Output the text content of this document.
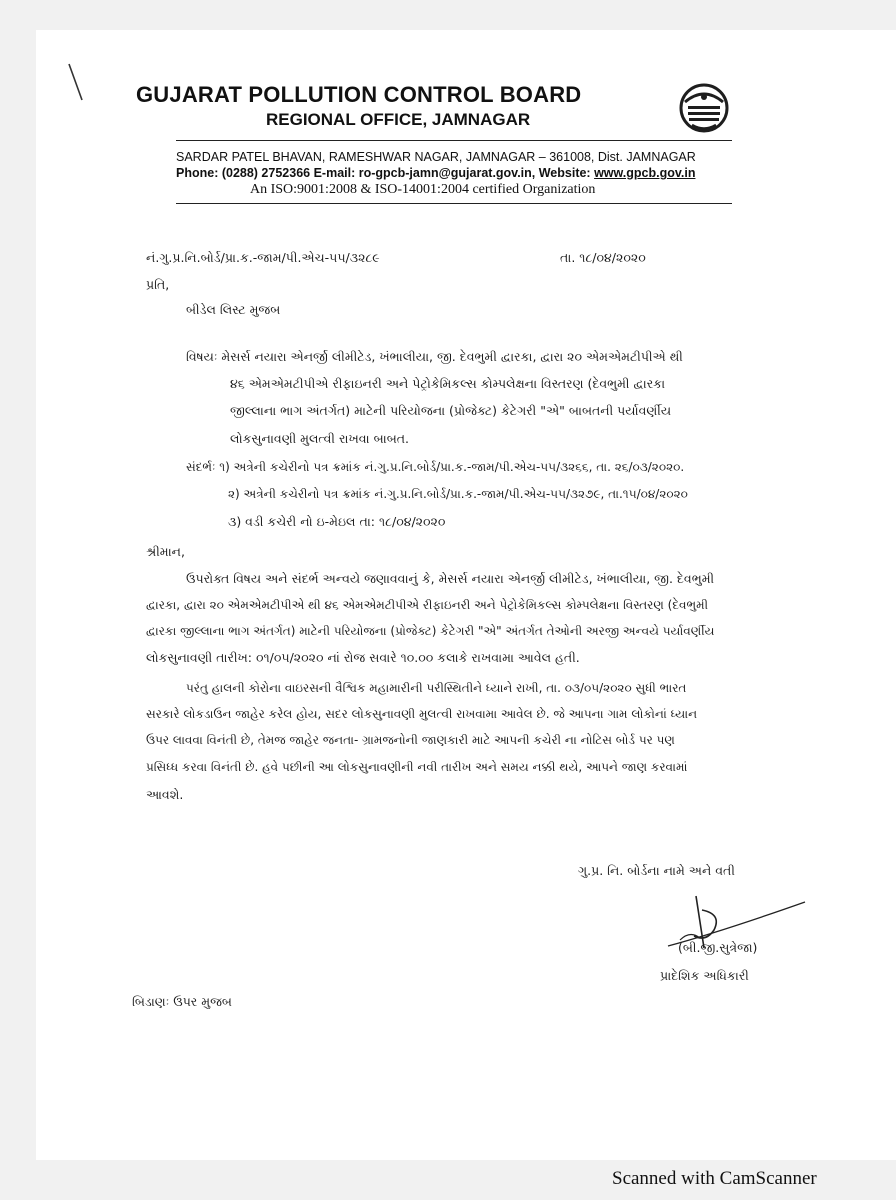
GUJARAT POLLUTION CONTROL BOARD
REGIONAL OFFICE, JAMNAGAR
SARDAR PATEL BHAVAN, RAMESHWAR NAGAR, JAMNAGAR – 361008, Dist. JAMNAGAR
Phone: (0288) 2752366 E-mail: ro-gpcb-jamn@gujarat.gov.in, Website: www.gpcb.gov.in
An ISO:9001:2008 & ISO-14001:2004 certified Organization
નં.ગુ.પ્ર.નિ.બોર્ડ/પ્રા.ક.-જામ/પી.એચ-૫૫/૩૨૮૯	તા. ૧૮/૦૪/૨૦૨૦
પ્રતિ,
બીડેલ લિસ્ટ મુજબ
વિષયઃ મેસર્સ નયારા એનર્જી લીમીટેડ, ખંભાલીયા, જી. દેવભુમી દ્વારકા, દ્વારા ૨૦ એમએમટીપીએ થી
૪૬ એમએમટીપીએ રીફાઇનરી અને પેટ્રોકેમિકલ્સ કોમ્પલેક્ષના વિસ્તરણ (દેવભુમી દ્વારકા
જીલ્લાના ભાગ અંતર્ગત) માટેની પરિયોજના (પ્રોજેક્ટ) કેટેગરી "એ" બાબતની પર્યાવર્ણીય
લોકસુનાવણી મુલત્વી રાખવા બાબત.
સંદર્ભઃ ૧) અત્રેની કચેરીનો પત્ર ક્રમાંક નં.ગુ.પ્ર.નિ.બોર્ડ/પ્રા.ક.-જામ/પી.એચ-૫૫/૩૨૬૬, તા. ૨૬/૦૩/૨૦૨૦.
૨) અત્રેની કચેરીનો પત્ર ક્રમાંક નં.ગુ.પ્ર.નિ.બોર્ડ/પ્રા.ક.-જામ/પી.એચ-૫૫/૩૨૭૯, તા.૧૫/૦૪/૨૦૨૦
૩) વડી કચેરી નો ઇ-મેઇલ તા: ૧૮/૦૪/૨૦૨૦
શ્રીમાન,
ઉપરોક્ત વિષય અને સંદર્ભ અન્વયે જણાવવાનું કે, મેસર્સ નયારા એનર્જી લીમીટેડ, ખંભાલીયા, જી. દેવભુમી
દ્વારકા, દ્વારા ૨૦ એમએમટીપીએ થી ૪૬ એમએમટીપીએ રીફાઇનરી અને પેટ્રોકેમિકલ્સ કોમ્પલેક્ષના વિસ્તરણ (દેવભુમી
દ્વારકા જીલ્લાના ભાગ અંતર્ગત) માટેની પરિયોજના (પ્રોજેક્ટ) કેટેગરી "એ" અંતર્ગત તેઓની અરજી અન્વયે પર્યાવર્ણીય
લોકસુનાવણી તારીખ: ૦૧/૦૫/૨૦૨૦ નાં રોજ સવારે ૧૦.૦૦ કલાકે રાખવામા આવેલ હતી.
પરંતુ હાલની કોરોના વાઇરસની વૈશ્વિક મહામારીની પરીસ્થિતીને ધ્યાને રાખી, તા. ૦૩/૦૫/૨૦૨૦ સુધી ભારત
સરકારે લોકડાઉન જાહેર કરેલ હોય, સદર લોકસુનાવણી મુલત્વી રાખવામા આવેલ છે. જે આપના ગામ લોકોનાં ધ્યાન
ઉપર લાવવા વિનંતી છે, તેમજ જાહેર જનતા- ગ્રામજનોની જાણકારી માટે આપની કચેરી ના નોટિસ બોર્ડ પર પણ
પ્રસિધ્ધ કરવા વિનંતી છે. હવે પછીની આ લોકસુનાવણીની નવી તારીખ અને સમય નક્કી થયે, આપને જાણ કરવામાં
આવશે.
ગુ.પ્ર. નિ. બોર્ડના નામે અને વતી
(બી.જી.સુત્રેજા)
પ્રાદેશિક અધિકારી
બિડાણઃ ઉપર મુજબ
Scanned with CamScanner
